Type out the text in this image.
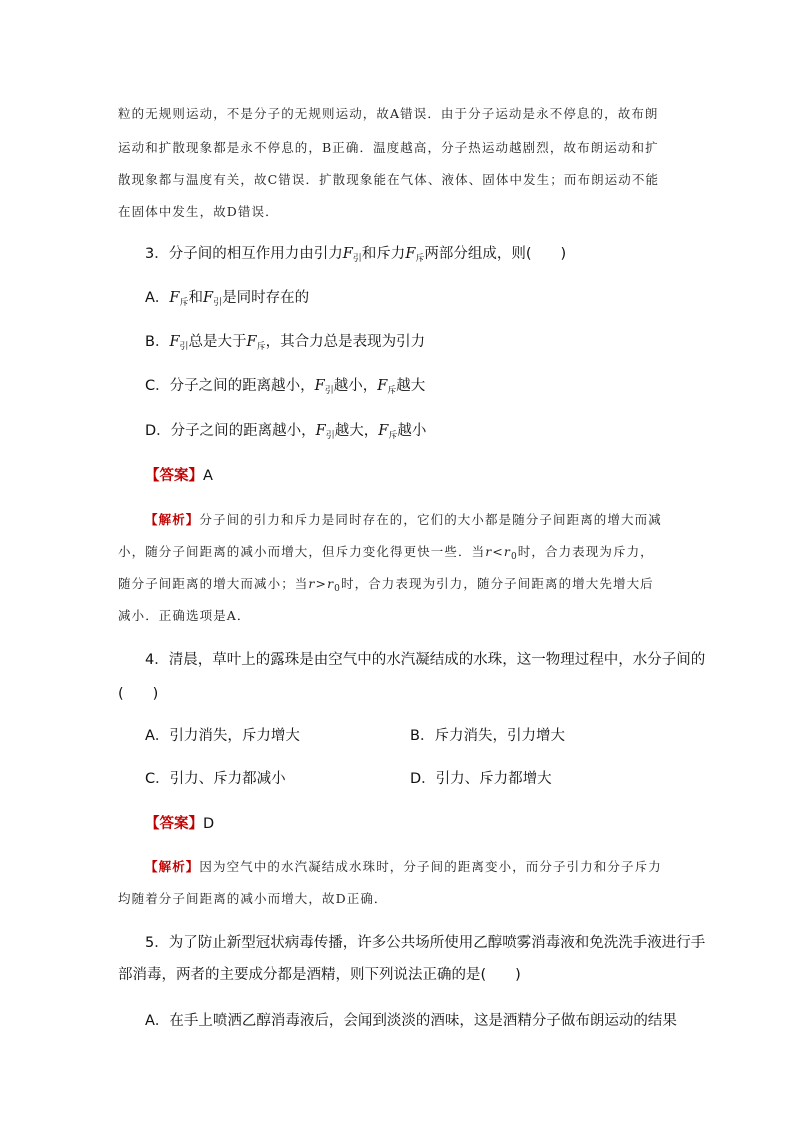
粒的无规则运动，不是分子的无规则运动，故A错误．由于分子运动是永不停息的，故布朗
运动和扩散现象都是永不停息的，B正确．温度越高，分子热运动越剧烈，故布朗运动和扩
散现象都与温度有关，故C错误．扩散现象能在气体、液体、固体中发生；而布朗运动不能
在固体中发生，故D错误．
3．分子间的相互作用力由引力$F_引$和斥力$F_斥$两部分组成，则(　　)
A．$F_斥$和$F_引$是同时存在的
B．$F_引$总是大于$F_斥$，其合力总是表现为引力
C．分子之间的距离越小，$F_引$越小，$F_斥$越大
D．分子之间的距离越小，$F_引$越大，$F_斥$越小
【答案】A
【解析】分子间的引力和斥力是同时存在的，它们的大小都是随分子间距离的增大而减
小，随分子间距离的减小而增大，但斥力变化得更快一些．当$r<r_0$时，合力表现为斥力，
随分子间距离的增大而减小；当$r>r_0$时，合力表现为引力，随分子间距离的增大先增大后
减小．正确选项是A．
4．清晨，草叶上的露珠是由空气中的水汽凝结成的水珠，这一物理过程中，水分子间的
(　　)
A．引力消失，斥力增大	B．斥力消失，引力增大
C．引力、斥力都减小	D．引力、斥力都增大
【答案】D
【解析】因为空气中的水汽凝结成水珠时，分子间的距离变小，而分子引力和分子斥力
均随着分子间距离的减小而增大，故D正确．
5．为了防止新型冠状病毒传播，许多公共场所使用乙醇喷雾消毒液和免洗洗手液进行手
部消毒，两者的主要成分都是酒精，则下列说法正确的是(　　)
A．在手上喷洒乙醇消毒液后，会闻到淡淡的酒味，这是酒精分子做布朗运动的结果
